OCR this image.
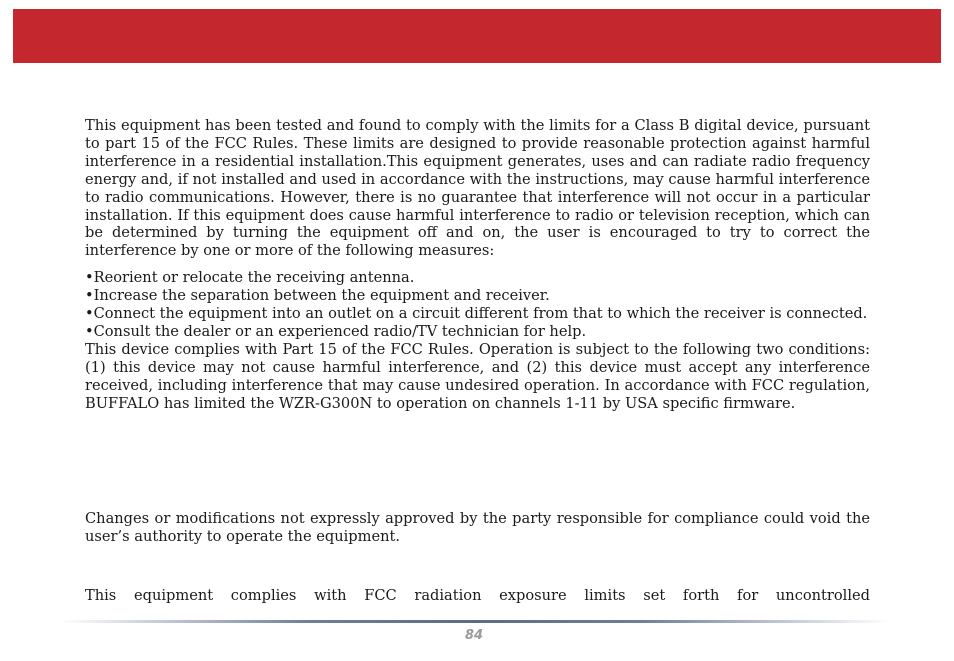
This equipment has been tested and found to comply with the limits for a Class B digital device, pursuant to part 15 of the FCC Rules. These limits are designed to provide reasonable protection against harmful interference in a residential installation.This equipment generates, uses and can radiate radio frequency energy and, if not installed and used in accordance with the instructions, may cause harmful interference to radio communications. However, there is no guarantee that interference will not occur in a particular installation. If this equipment does cause harmful interference to radio or television reception, which can be determined by turning the equipment off and on, the user is encouraged to try to correct the interference by one or more of the following measures:

•Reorient or relocate the receiving antenna.
•Increase the separation between the equipment and receiver.
•Connect the equipment into an outlet on a circuit different from that to which the receiver is connected.
•Consult the dealer or an experienced radio/TV technician for help.

This device complies with Part 15 of the FCC Rules. Operation is subject to the following two conditions: (1) this device may not cause harmful interference, and (2) this device must accept any interference received, including interference that may cause undesired operation. In accordance with FCC regulation, BUFFALO has limited the WZR-G300N to operation on channels 1-11 by USA specific firmware.

Changes or modifications not expressly approved by the party responsible for compliance could void the user’s authority to operate the equipment.

This equipment complies with FCC radiation exposure limits set forth for uncontrolled

84
